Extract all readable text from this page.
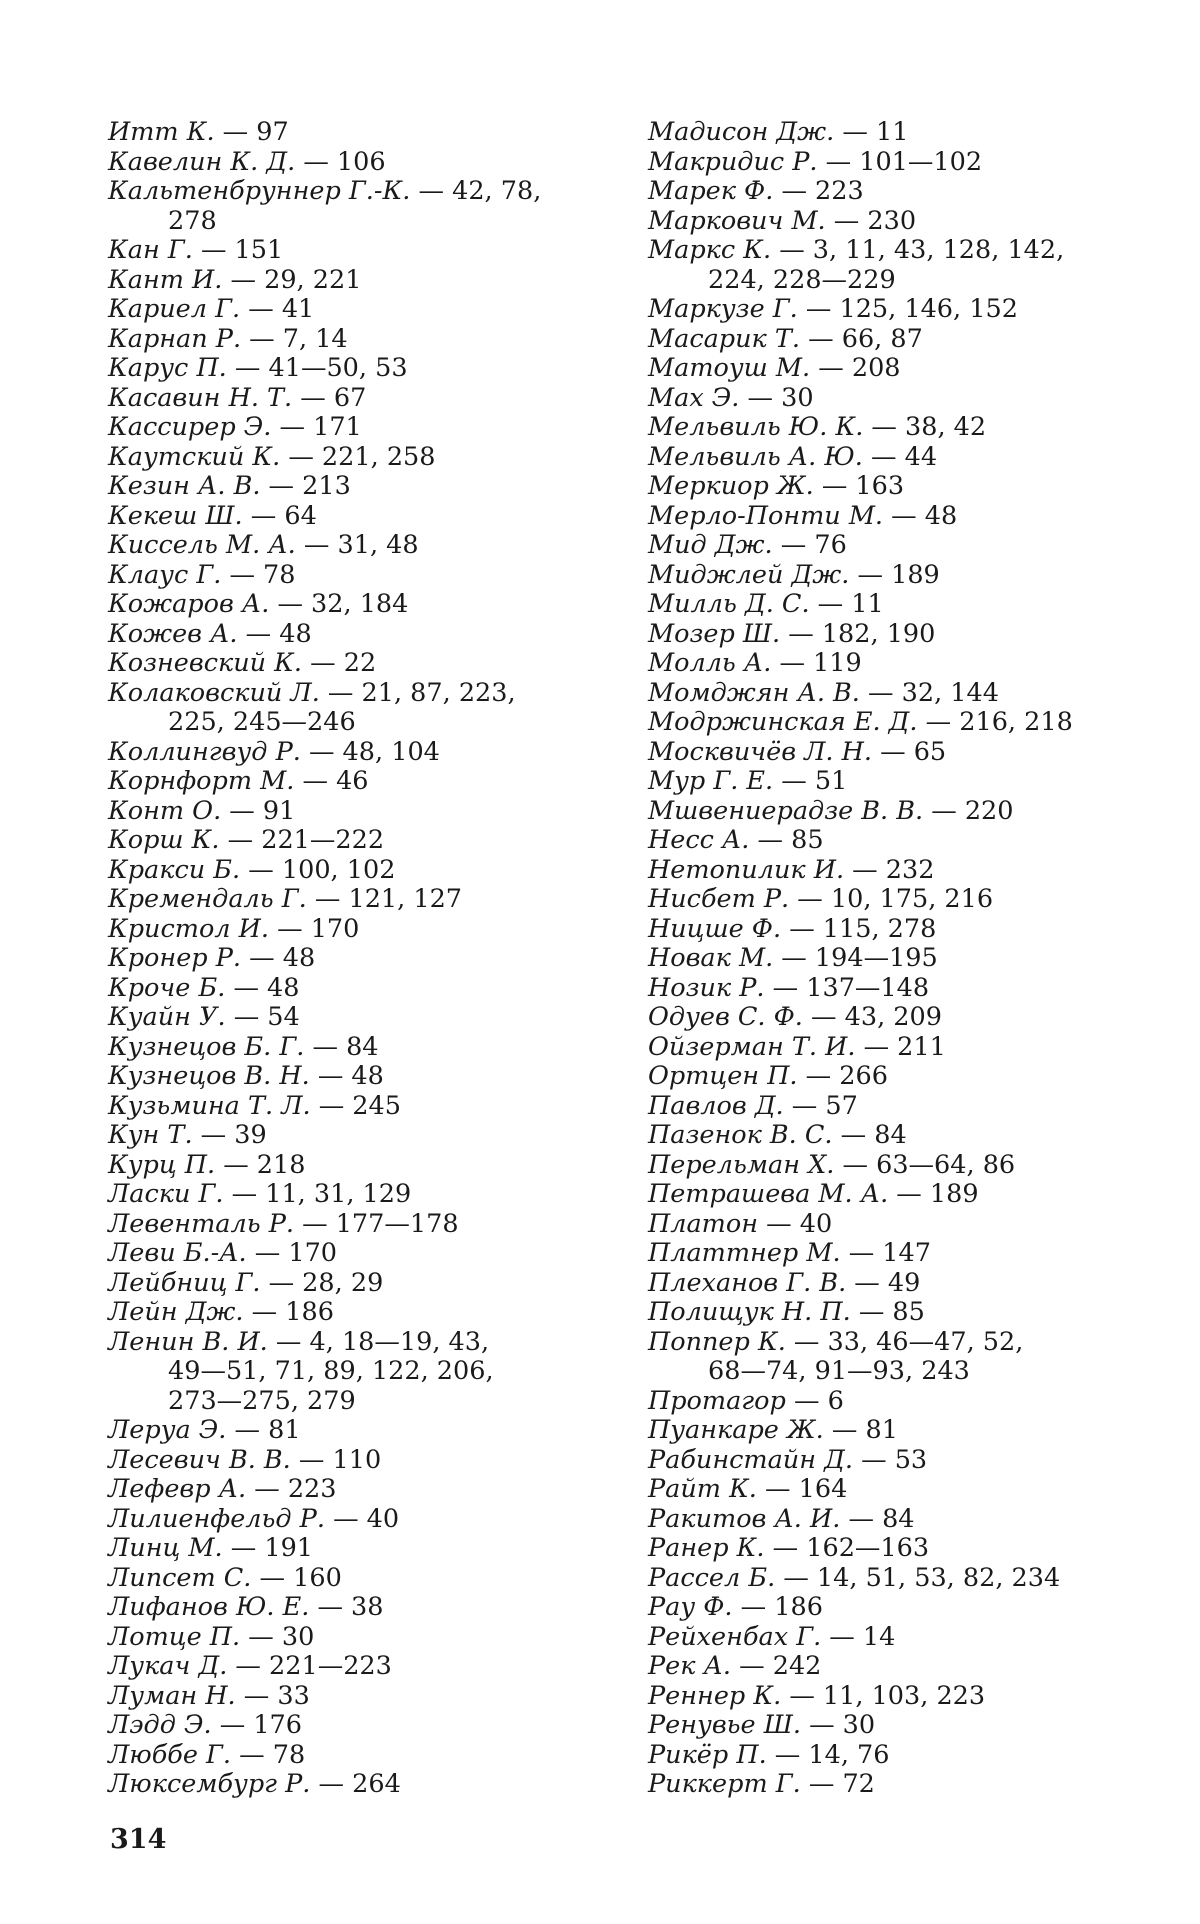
Итт К. — 97
Кавелин К. Д. — 106
Кальтенбруннер Г.-К. — 42, 78,
278
Кан Г. — 151
Кант И. — 29, 221
Кариел Г. — 41
Карнап Р. — 7, 14
Карус П. — 41—50, 53
Касавин Н. Т. — 67
Кассирер Э. — 171
Каутский К. — 221, 258
Кезин А. В. — 213
Кекеш Ш. — 64
Киссель М. А. — 31, 48
Клаус Г. — 78
Кожаров А. — 32, 184
Кожев А. — 48
Козневский К. — 22
Колаковский Л. — 21, 87, 223,
225, 245—246
Коллингвуд Р. — 48, 104
Корнфорт М. — 46
Конт О. — 91
Корш К. — 221—222
Кракси Б. — 100, 102
Кремендаль Г. — 121, 127
Кристол И. — 170
Кронер Р. — 48
Кроче Б. — 48
Куайн У. — 54
Кузнецов Б. Г. — 84
Кузнецов В. Н. — 48
Кузьмина Т. Л. — 245
Кун Т. — 39
Курц П. — 218
Ласки Г. — 11, 31, 129
Левенталь Р. — 177—178
Леви Б.-А. — 170
Лейбниц Г. — 28, 29
Лейн Дж. — 186
Ленин В. И. — 4, 18—19, 43,
49—51, 71, 89, 122, 206,
273—275, 279
Леруа Э. — 81
Лесевич В. В. — 110
Лефевр А. — 223
Лилиенфельд Р. — 40
Линц М. — 191
Липсет С. — 160
Лифанов Ю. Е. — 38
Лотце П. — 30
Лукач Д. — 221—223
Луман Н. — 33
Лэдд Э. — 176
Люббе Г. — 78
Люксембург Р. — 264
Мадисон Дж. — 11
Макридис Р. — 101—102
Марек Ф. — 223
Маркович М. — 230
Маркс К. — 3, 11, 43, 128, 142,
224, 228—229
Маркузе Г. — 125, 146, 152
Масарик Т. — 66, 87
Матоуш М. — 208
Мах Э. — 30
Мельвиль Ю. К. — 38, 42
Мельвиль А. Ю. — 44
Меркиор Ж. — 163
Мерло-Понти М. — 48
Мид Дж. — 76
Миджлей Дж. — 189
Милль Д. С. — 11
Мозер Ш. — 182, 190
Молль А. — 119
Момджян А. В. — 32, 144
Модржинская Е. Д. — 216, 218
Москвичёв Л. Н. — 65
Мур Г. Е. — 51
Мшвениерадзе В. В. — 220
Несс А. — 85
Нетопилик И. — 232
Нисбет Р. — 10, 175, 216
Ницше Ф. — 115, 278
Новак М. — 194—195
Нозик Р. — 137—148
Одуев С. Ф. — 43, 209
Ойзерман Т. И. — 211
Ортцен П. — 266
Павлов Д. — 57
Пазенок В. С. — 84
Перельман Х. — 63—64, 86
Петрашева М. А. — 189
Платон — 40
Платтнер М. — 147
Плеханов Г. В. — 49
Полищук Н. П. — 85
Поппер К. — 33, 46—47, 52,
68—74, 91—93, 243
Протагор — 6
Пуанкаре Ж. — 81
Рабинстайн Д. — 53
Райт К. — 164
Ракитов А. И. — 84
Ранер К. — 162—163
Рассел Б. — 14, 51, 53, 82, 234
Рау Ф. — 186
Рейхенбах Г. — 14
Рек А. — 242
Реннер К. — 11, 103, 223
Ренувье Ш. — 30
Рикёр П. — 14, 76
Риккерт Г. — 72
314
